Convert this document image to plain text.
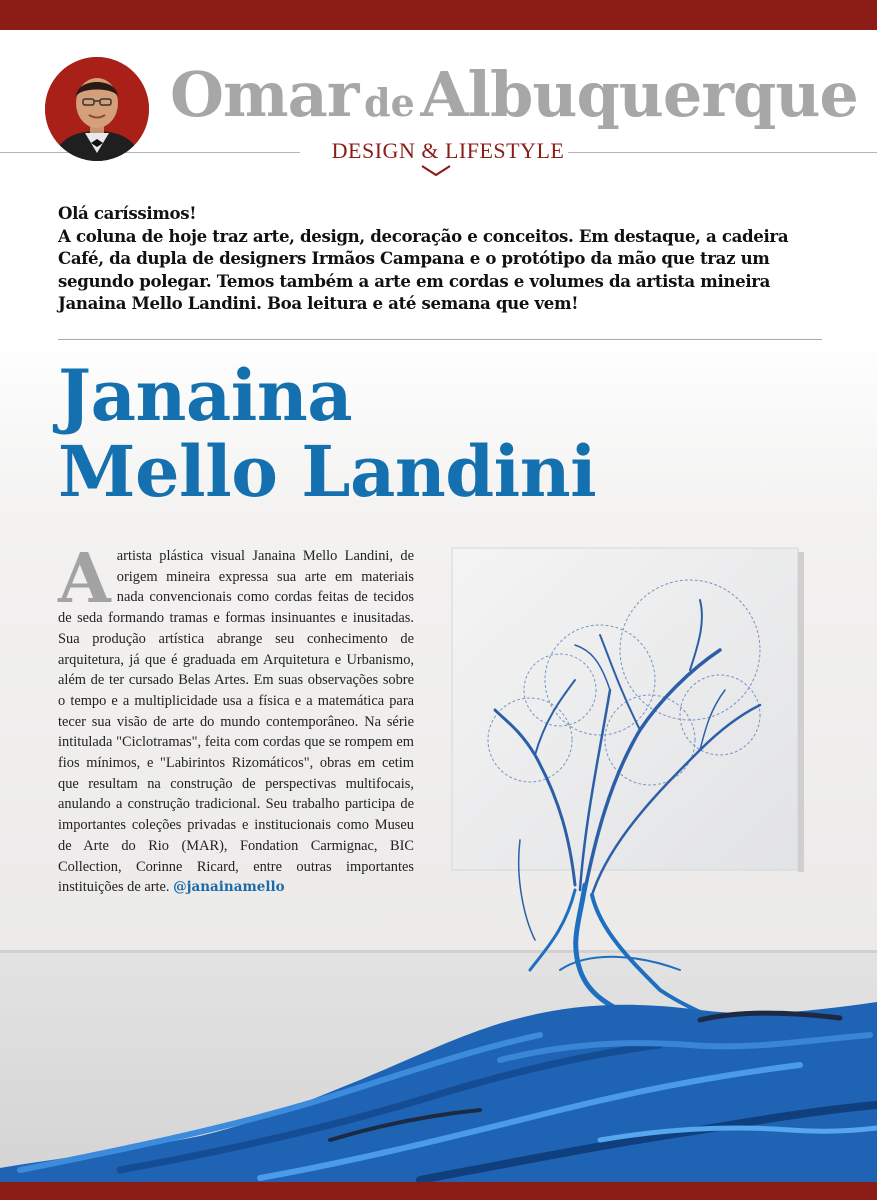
Omar de Albuquerque
DESIGN & LIFESTYLE

Olá caríssimos!

A coluna de hoje traz arte, design, decoração e conceitos. Em destaque, a cadeira Café, da dupla de designers Irmãos Campana e o protótipo da mão que traz um segundo polegar. Temos também a arte em cordas e volumes da artista mineira Janaina Mello Landini. Boa leitura e até semana que vem!

Janaina
Mello Landini
A artista plástica visual Janaina Mello Landini, de origem mineira expressa sua arte em materiais nada convencionais como cordas feitas de tecidos de seda formando tramas e formas insinuantes e inusitadas. Sua produção artística abrange seu conhecimento de arquitetura, já que é graduada em Arquitetura e Urbanismo, além de ter cursado Belas Artes. Em suas observações sobre o tempo e a multiplicidade usa a física e a matemática para tecer sua visão de arte do mundo contemporâneo. Na série intitulada "Ciclotramas", feita com cordas que se rompem em fios mínimos, e "Labirintos Rizomáticos", obras em cetim que resultam na construção de perspectivas multifocais, anulando a construção tradicional. Seu trabalho participa de importantes coleções privadas e institucionais como Museu de Arte do Rio (MAR), Fondation Carmignac, BIC Collection, Corinne Ricard, entre outras importantes instituições de arte. @janainamello
